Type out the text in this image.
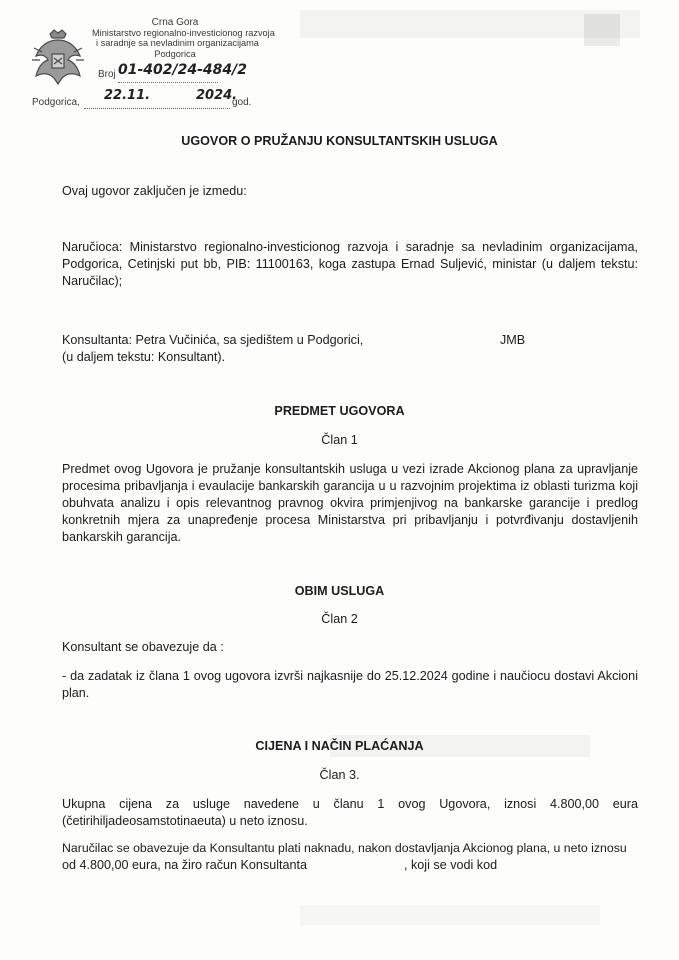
Crna Gora
Ministarstvo regionalno-investicionog razvoja
i saradnje sa nevladinim organizacijama
Podgorica
Broj 01-402/24-484/2
Podgorica, 22.11.	2024.
god.
UGOVOR O PRUŽANJU KONSULTANTSKIH USLUGA
Ovaj ugovor zaključen je izmedu:
Naručioca: Ministarstvo regionalno-investicionog razvoja i saradnje sa nevladinim organizacijama, Podgorica, Cetinjski put bb, PIB: 11100163, koga zastupa Ernad Suljević, ministar (u daljem tekstu: Naručilac);
Konsultanta: Petra Vučinića, sa sjedištem u Podgorici,	JMB
(u daljem tekstu: Konsultant).
PREDMET UGOVORA
Član 1
Predmet ovog Ugovora je pružanje konsultantskih usluga u vezi izrade Akcionog plana za upravljanje procesima pribavljanja i evaulacije bankarskih garancija u u razvojnim projektima iz oblasti turizma koji obuhvata analizu i opis relevantnog pravnog okvira primjenjivog na bankarske garancije i predlog konkretnih mjera za unapređenje procesa Ministarstva pri pribavljanju i potvrđivanju dostavljenih bankarskih garancija.
OBIM USLUGA
Član 2
Konsultant se obavezuje da :
- da zadatak iz člana 1 ovog ugovora izvrši najkasnije do 25.12.2024 godine i naučiocu dostavi Akcioni plan.
CIJENA I NAČIN PLAĆANJA
Član 3.
Ukupna cijena za usluge navedene u članu 1 ovog Ugovora, iznosi 4.800,00 eura (četirihiljadeosamstotinaeuta) u neto iznosu.
Naručilac se obavezuje da Konsultantu plati naknadu, nakon dostavljanja Akcionog plana, u neto iznosu
od 4.800,00 eura, na žiro račun Konsultanta	, koji se vodi kod
